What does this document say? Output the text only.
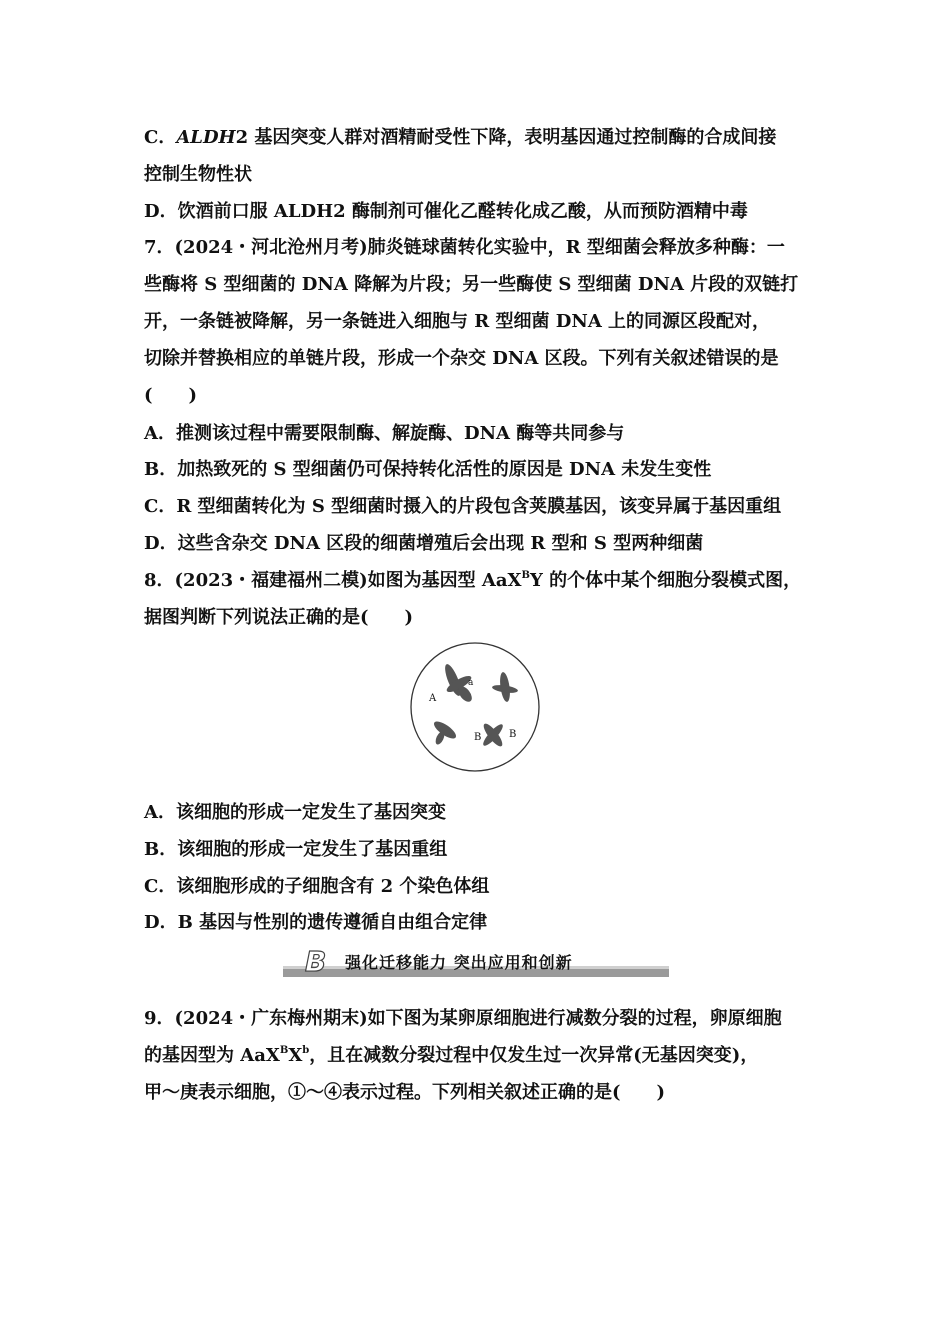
C．ALDH2 基因突变人群对酒精耐受性下降，表明基因通过控制酶的合成间接
控制生物性状
D．饮酒前口服 ALDH2 酶制剂可催化乙醛转化成乙酸，从而预防酒精中毒
7．(2024・河北沧州月考)肺炎链球菌转化实验中，R 型细菌会释放多种酶：一
些酶将 S 型细菌的 DNA 降解为片段；另一些酶使 S 型细菌 DNA 片段的双链打
开，一条链被降解，另一条链进入细胞与 R 型细菌 DNA 上的同源区段配对，
切除并替换相应的单链片段，形成一个杂交 DNA 区段。下列有关叙述错误的是
(　　)
A．推测该过程中需要限制酶、解旋酶、DNA 酶等共同参与
B．加热致死的 S 型细菌仍可保持转化活性的原因是 DNA 未发生变性
C．R 型细菌转化为 S 型细菌时摄入的片段包含荚膜基因，该变异属于基因重组
D．这些含杂交 DNA 区段的细菌增殖后会出现 R 型和 S 型两种细菌
8．(2023・福建福州二模)如图为基因型 AaX$^B$Y 的个体中某个细胞分裂模式图，
据图判断下列说法正确的是(　　)
A
a
B	B
A．该细胞的形成一定发生了基因突变
B．该细胞的形成一定发生了基因重组
C．该细胞形成的子细胞含有 2 个染色体组
D．B 基因与性别的遗传遵循自由组合定律
B 强化迁移能力 突出应用和创新
9．(2024・广东梅州期末)如下图为某卵原细胞进行减数分裂的过程，卵原细胞
的基因型为 $AaX^BX^b$，且在减数分裂过程中仅发生过一次异常(无基因突变)，
甲～庚表示细胞，①～④表示过程。下列相关叙述正确的是(　　)
